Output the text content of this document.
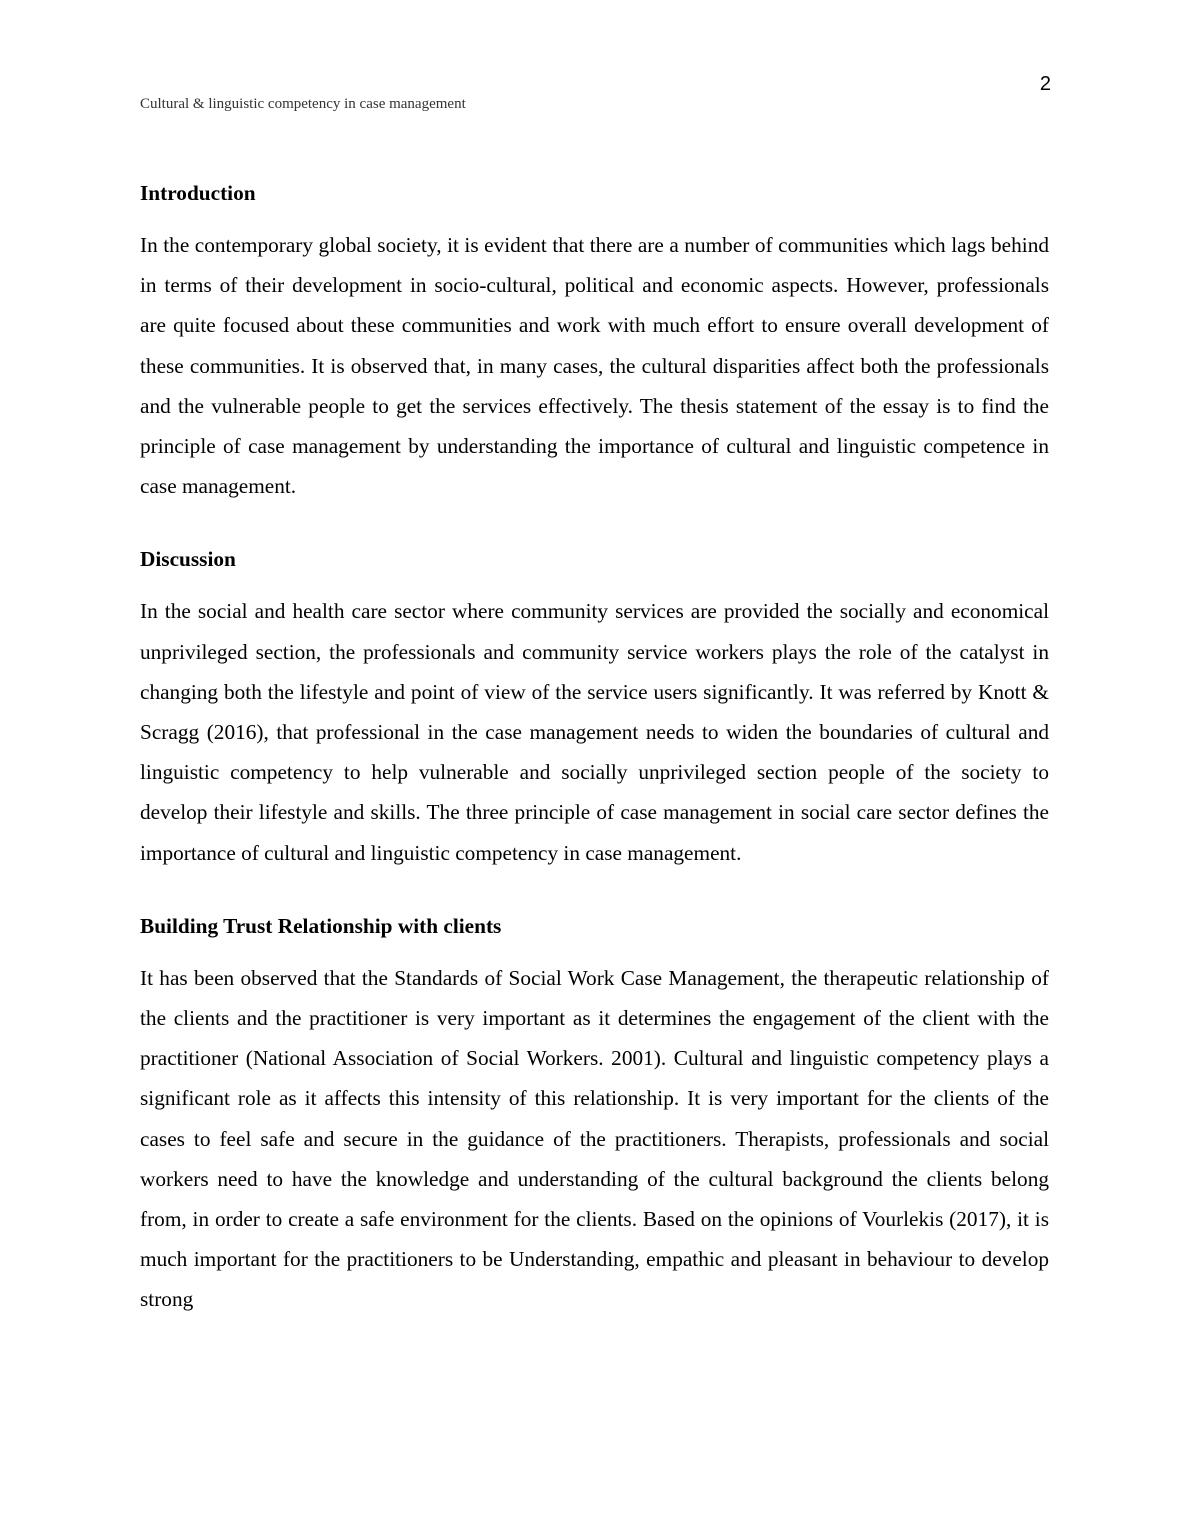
2
Cultural & linguistic competency in case management
Introduction

In the contemporary global society, it is evident that there are a number of communities which lags behind in terms of their development in socio-cultural, political and economic aspects. However, professionals are quite focused about these communities and work with much effort to ensure overall development of these communities. It is observed that, in many cases, the cultural disparities affect both the professionals and the vulnerable people to get the services effectively. The thesis statement of the essay is to find the principle of case management by understanding the importance of cultural and linguistic competence in case management.

Discussion

In the social and health care sector where community services are provided the socially and economical unprivileged section, the professionals and community service workers plays the role of the catalyst in changing both the lifestyle and point of view of the service users significantly. It was referred by Knott & Scragg (2016), that professional in the case management needs to widen the boundaries of cultural and linguistic competency to help vulnerable and socially unprivileged section people of the society to develop their lifestyle and skills. The three principle of case management in social care sector defines the importance of cultural and linguistic competency in case management.

Building Trust Relationship with clients

It has been observed that the Standards of Social Work Case Management, the therapeutic relationship of the clients and the practitioner is very important as it determines the engagement of the client with the practitioner (National Association of Social Workers. 2001). Cultural and linguistic competency plays a significant role as it affects this intensity of this relationship. It is very important for the clients of the cases to feel safe and secure in the guidance of the practitioners. Therapists, professionals and social workers need to have the knowledge and understanding of the cultural background the clients belong from, in order to create a safe environment for the clients. Based on the opinions of Vourlekis (2017), it is much important for the practitioners to be Understanding, empathic and pleasant in behaviour to develop strong
